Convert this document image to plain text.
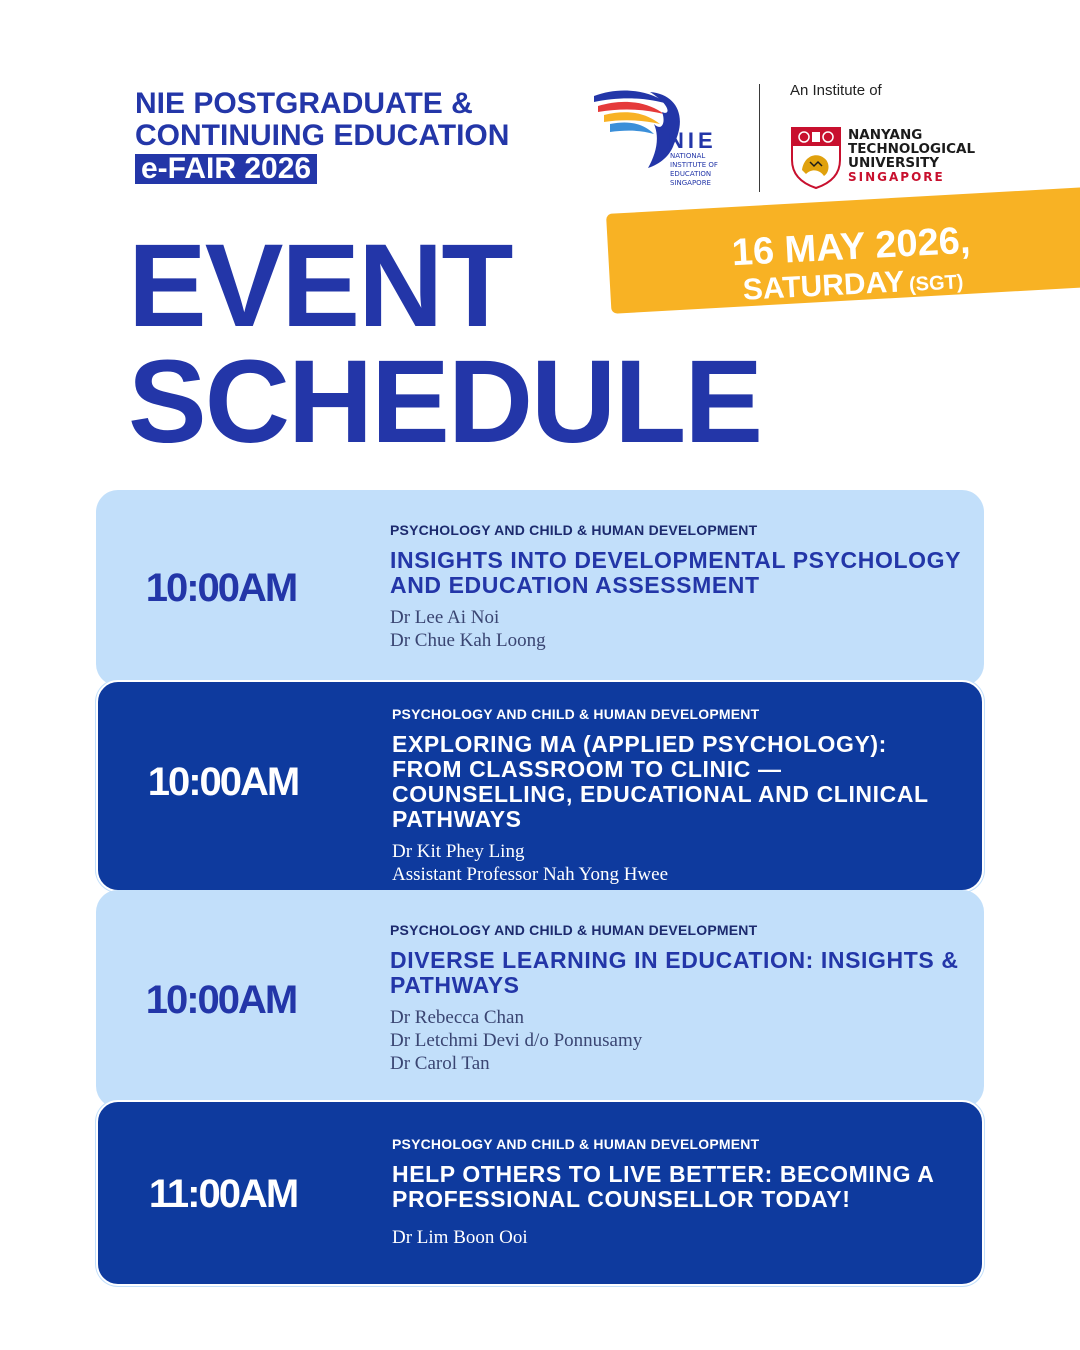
NIE POSTGRADUATE &
CONTINUING EDUCATION
e-FAIR 2026
NIE
NATIONAL
INSTITUTE OF
EDUCATION
SINGAPORE
An Institute of
NANYANG
TECHNOLOGICAL
UNIVERSITY
SINGAPORE
EVENT
SCHEDULE
16 MAY 2026,
SATURDAY (SGT)
10:00AM
PSYCHOLOGY AND CHILD & HUMAN DEVELOPMENT
INSIGHTS INTO DEVELOPMENTAL PSYCHOLOGY AND EDUCATION ASSESSMENT
Dr Lee Ai Noi
Dr Chue Kah Loong
10:00AM
PSYCHOLOGY AND CHILD & HUMAN DEVELOPMENT
EXPLORING MA (APPLIED PSYCHOLOGY): FROM CLASSROOM TO CLINIC — COUNSELLING, EDUCATIONAL AND CLINICAL PATHWAYS
Dr Kit Phey Ling
Assistant Professor Nah Yong Hwee
10:00AM
PSYCHOLOGY AND CHILD & HUMAN DEVELOPMENT
DIVERSE LEARNING IN EDUCATION: INSIGHTS & PATHWAYS
Dr Rebecca Chan
Dr Letchmi Devi d/o Ponnusamy
Dr Carol Tan
11:00AM
PSYCHOLOGY AND CHILD & HUMAN DEVELOPMENT
HELP OTHERS TO LIVE BETTER: BECOMING A PROFESSIONAL COUNSELLOR TODAY!
Dr Lim Boon Ooi
